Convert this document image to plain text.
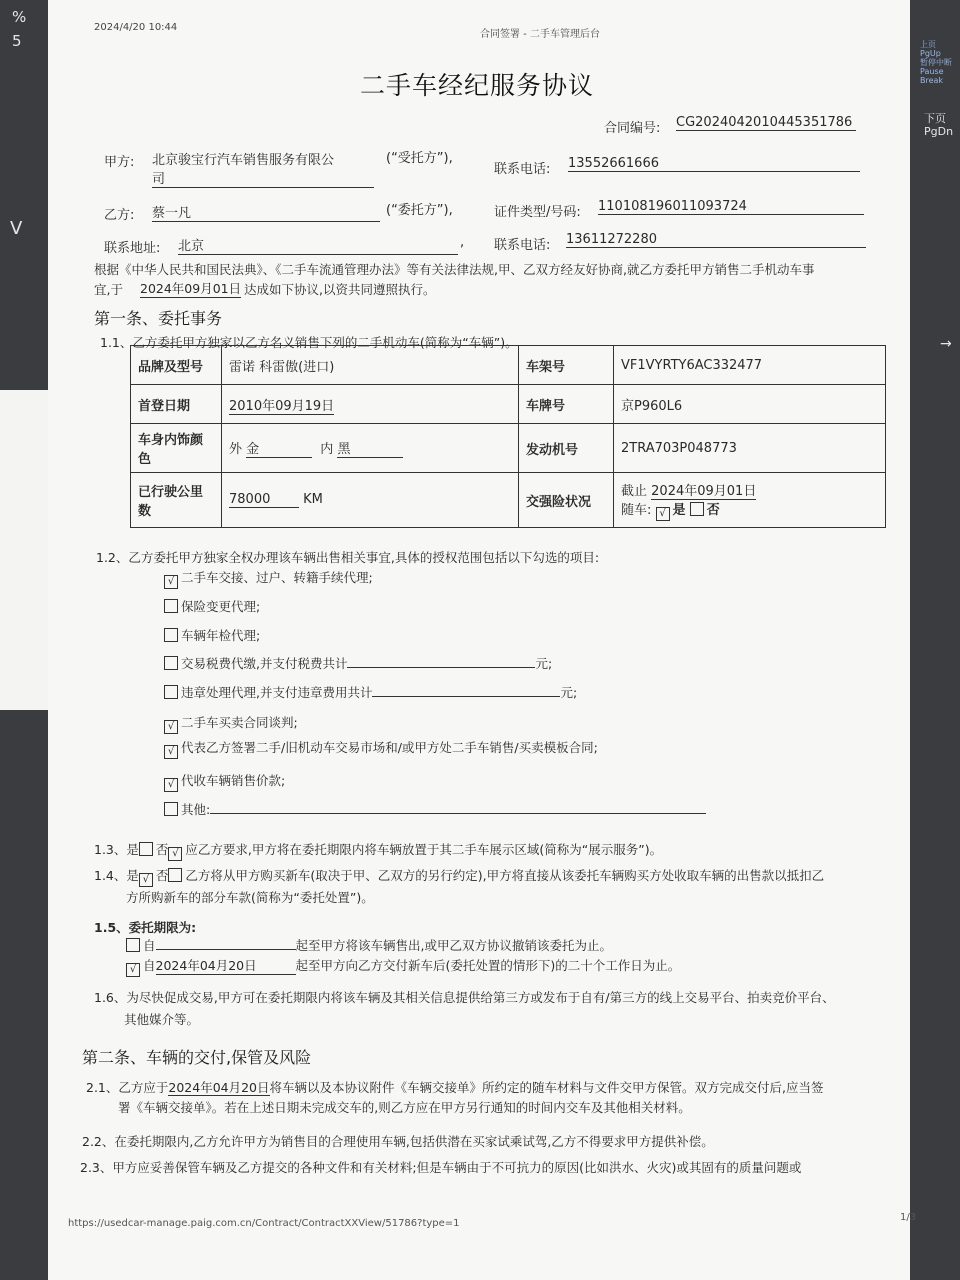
%
5
V
上页
PgUp
暂停中断
Pause
Break
下页
PgDn
→
2024/4/20 10:44
合同签署 - 二手车管理后台
二手车经纪服务协议
合同编号: CG2024042010445351786
甲方: 北京骏宝行汽车销售服务有限公
司
(“受托方”),
联系电话: 13552661666
乙方: 蔡一凡	(“委托方”),	证件类型/号码: 110108196011093724
联系地址: 北京	, 联系电话: 13611272280
根据《中华人民共和国民法典》、《二手车流通管理办法》等有关法律法规,甲、乙双方经友好协商,就乙方委托甲方销售二手机动车事
宜,于 2024年09月01日 达成如下协议,以资共同遵照执行。
第一条、委托事务
1.1、乙方委托甲方独家以乙方名义销售下列的二手机动车(简称为“车辆”)。
品牌及型号	雷诺 科雷傲(进口)	车架号	VF1VYRTY6AC332477
首登日期	2010年09月19日	车牌号	京P960L6
车身内饰颜色	外 金 内 黑	发动机号	2TRA703P048773
已行驶公里数	78000 KM	交强险状况	截止 2024年09月01日
随车: √ 是 否
1.2、乙方委托甲方独家全权办理该车辆出售相关事宜,具体的授权范围包括以下勾选的项目:
√ 二手车交接、过户、转籍手续代理;
保险变更代理;
车辆年检代理;
交易税费代缴,并支付税费共计	元;
违章处理代理,并支付违章费用共计	元;
√ 二手车买卖合同谈判;
√ 代表乙方签署二手/旧机动车交易市场和/或甲方处二手车销售/买卖模板合同;
√ 代收车辆销售价款;
其他:
1.3、是 否 √ 应乙方要求,甲方将在委托期限内将车辆放置于其二手车展示区域(简称为“展示服务”)。
1.4、是 √ 否 乙方将从甲方购买新车(取决于甲、乙双方的另行约定),甲方将直接从该委托车辆购买方处收取车辆的出售款以抵扣乙
方所购新车的部分车款(简称为“委托处置”)。
1.5、委托期限为:
自	起至甲方将该车辆售出,或甲乙双方协议撤销该委托为止。
√ 自2024年04月20日	起至甲方向乙方交付新车后(委托处置的情形下)的二十个工作日为止。
1.6、为尽快促成交易,甲方可在委托期限内将该车辆及其相关信息提供给第三方或发布于自有/第三方的线上交易平台、拍卖竞价平台、
其他媒介等。
第二条、车辆的交付,保管及风险
2.1、乙方应于2024年04月20日将车辆以及本协议附件《车辆交接单》所约定的随车材料与文件交甲方保管。双方完成交付后,应当签
署《车辆交接单》。若在上述日期未完成交车的,则乙方应在甲方另行通知的时间内交车及其他相关材料。
2.2、在委托期限内,乙方允许甲方为销售目的合理使用车辆,包括供潜在买家试乘试驾,乙方不得要求甲方提供补偿。
2.3、甲方应妥善保管车辆及乙方提交的各种文件和有关材料;但是车辆由于不可抗力的原因(比如洪水、火灾)或其固有的质量问题或
https://usedcar-manage.paig.com.cn/Contract/ContractXXView/51786?type=1
1/3
